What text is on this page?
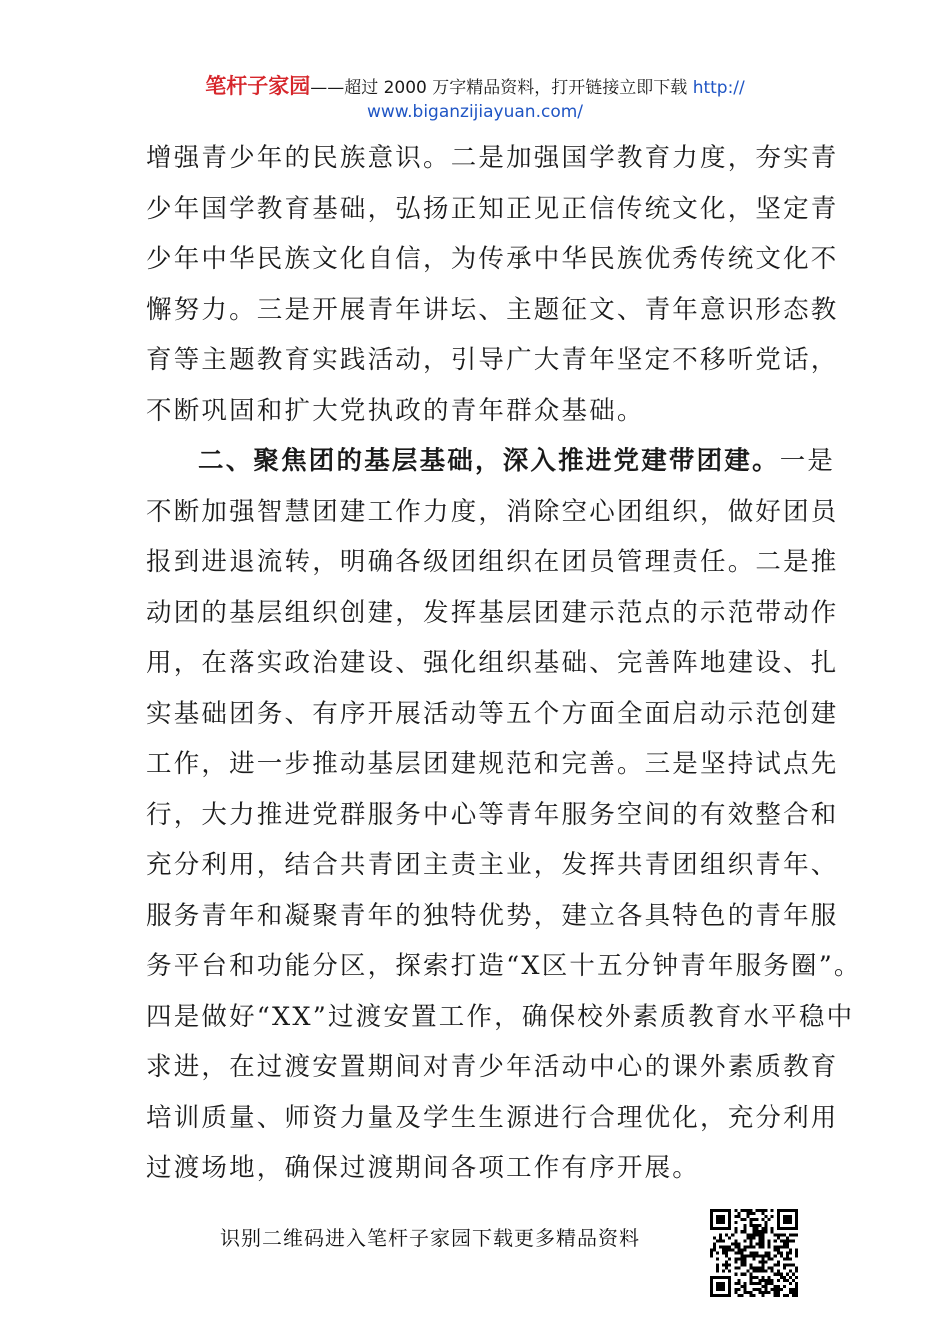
笔杆子家园——超过 2000 万字精品资料，打开链接立即下载 http://
www.biganzijiayuan.com/
增强青少年的民族意识。二是加强国学教育力度，夯实青
少年国学教育基础，弘扬正知正见正信传统文化，坚定青
少年中华民族文化自信，为传承中华民族优秀传统文化不
懈努力。三是开展青年讲坛、主题征文、青年意识形态教
育等主题教育实践活动，引导广大青年坚定不移听党话，
不断巩固和扩大党执政的青年群众基础。
二、聚焦团的基层基础，深入推进党建带团建。一是
不断加强智慧团建工作力度，消除空心团组织，做好团员
报到进退流转，明确各级团组织在团员管理责任。二是推
动团的基层组织创建，发挥基层团建示范点的示范带动作
用，在落实政治建设、强化组织基础、完善阵地建设、扎
实基础团务、有序开展活动等五个方面全面启动示范创建
工作，进一步推动基层团建规范和完善。三是坚持试点先
行，大力推进党群服务中心等青年服务空间的有效整合和
充分利用，结合共青团主责主业，发挥共青团组织青年、
服务青年和凝聚青年的独特优势，建立各具特色的青年服
务平台和功能分区，探索打造“X区十五分钟青年服务圈”。
四是做好“XX”过渡安置工作，确保校外素质教育水平稳中
求进，在过渡安置期间对青少年活动中心的课外素质教育
培训质量、师资力量及学生生源进行合理优化，充分利用
过渡场地，确保过渡期间各项工作有序开展。
识别二维码进入笔杆子家园下载更多精品资料
